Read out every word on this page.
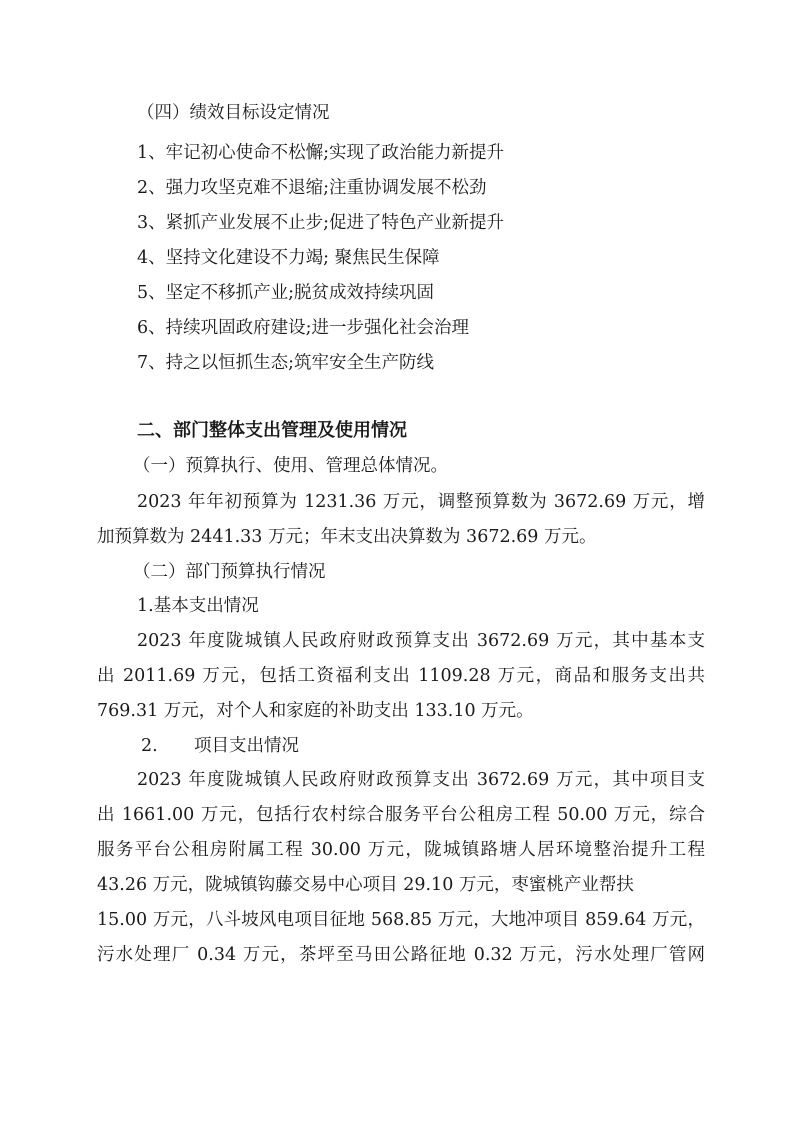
（四）绩效目标设定情况
1、牢记初心使命不松懈;实现了政治能力新提升
2、强力攻坚克难不退缩;注重协调发展不松劲
3、紧抓产业发展不止步;促进了特色产业新提升
4、坚持文化建设不力竭; 聚焦民生保障
5、坚定不移抓产业;脱贫成效持续巩固
6、持续巩固政府建设;进一步强化社会治理
7、持之以恒抓生态;筑牢安全生产防线
二、部门整体支出管理及使用情况
（一）预算执行、使用、管理总体情况。
2023 年年初预算为 1231.36 万元，调整预算数为 3672.69 万元，增
加预算数为 2441.33 万元；年末支出决算数为 3672.69 万元。
（二）部门预算执行情况
1.基本支出情况
2023 年度陇城镇人民政府财政预算支出 3672.69 万元，其中基本支
出 2011.69 万元，包括工资福利支出 1109.28 万元，商品和服务支出共
769.31 万元，对个人和家庭的补助支出 133.10 万元。
2. 项目支出情况
2023 年度陇城镇人民政府财政预算支出 3672.69 万元，其中项目支
出 1661.00 万元，包括行农村综合服务平台公租房工程 50.00 万元，综合
服务平台公租房附属工程 30.00 万元，陇城镇路塘人居环境整治提升工程
43.26 万元，陇城镇钩藤交易中心项目 29.10 万元，枣蜜桃产业帮扶
15.00 万元，八斗坡风电项目征地 568.85 万元，大地冲项目 859.64 万元，
污水处理厂 0.34 万元，茶坪至马田公路征地 0.32 万元，污水处理厂管网
